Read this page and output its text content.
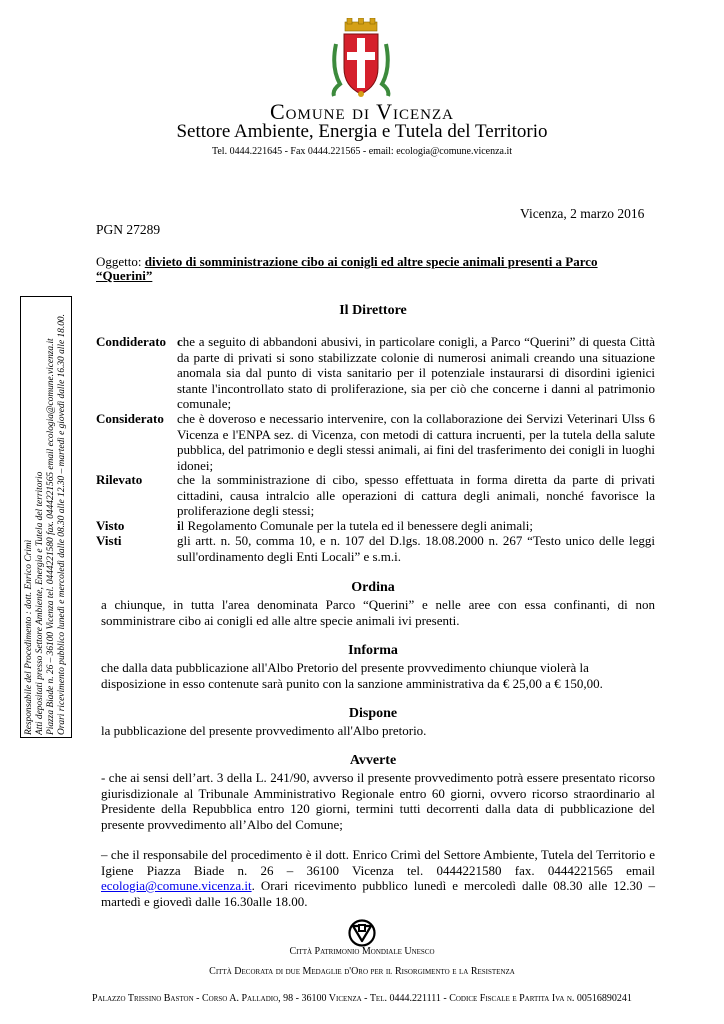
Comune di Vicenza
Settore Ambiente, Energia e Tutela del Territorio
Tel. 0444.221645 - Fax 0444.221565 - email: ecologia@comune.vicenza.it
Vicenza, 2 marzo 2016
PGN 27289
Oggetto: divieto di somministrazione cibo ai conigli ed altre specie animali presenti a Parco “Querini”
Il Direttore
Condiderato che a seguito di abbandoni abusivi, in particolare conigli, a Parco “Querini” di questa Città da parte di privati si sono stabilizzate colonie di numerosi animali creando una situazione anomala sia dal punto di vista sanitario per il potenziale instaurarsi di disordini igienici stante l'incontrollato stato di proliferazione, sia per ciò che concerne i danni al patrimonio comunale;
Considerato che è doveroso e necessario intervenire, con la collaborazione dei Servizi Veterinari Ulss 6 Vicenza e l'ENPA sez. di Vicenza, con metodi di cattura incruenti, per la tutela della salute pubblica, del patrimonio e degli stessi animali, ai fini del trasferimento dei conigli in luoghi idonei;
Rilevato	che la somministrazione di cibo, spesso effettuata in forma diretta da parte di privati cittadini, causa intralcio alle operazioni di cattura degli animali, nonché favorisce la proliferazione degli stessi;
Visto	il Regolamento Comunale per la tutela ed il benessere degli animali;
Visti	gli artt. n. 50, comma 10, e n. 107 del D.lgs. 18.08.2000 n. 267 “Testo unico delle leggi sull'ordinamento degli Enti Locali” e s.m.i.
Ordina
a chiunque, in tutta l'area denominata Parco “Querini” e nelle aree con essa confinanti, di non somministrare cibo ai conigli ed alle altre specie animali ivi presenti.
Informa
che dalla data pubblicazione all'Albo Pretorio del presente provvedimento chiunque violerà la
disposizione in esso contenute sarà punito con la sanzione amministrativa da € 25,00 a € 150,00.
Dispone
la pubblicazione del presente provvedimento all'Albo pretorio.
Avverte
- che ai sensi dell’art. 3 della L. 241/90, avverso il presente provvedimento potrà essere presentato ricorso giurisdizionale al Tribunale Amministrativo Regionale entro 60 giorni, ovvero ricorso straordinario al Presidente della Repubblica entro 120 giorni, termini tutti decorrenti dalla data di pubblicazione del presente provvedimento all’Albo del Comune;
– che il responsabile del procedimento è il dott. Enrico Crimì del Settore Ambiente, Tutela del Territorio e Igiene Piazza Biade n. 26 – 36100 Vicenza tel. 0444221580 fax. 0444221565 email ecologia@comune.vicenza.it. Orari ricevimento pubblico lunedì e mercoledì dalle 08.30 alle 12.30 – martedì e giovedì dalle 16.30alle 18.00.
Responsabile del Procedimento : dott. Enrico Crimì Atti depositati presso Settore Ambiente, Energia e Tutela del territorio Piazza Biade n. 26 – 36100 Vicenza tel. 0444221580 fax. 0444221565 email ecologia@comune.vicenza.it Orari ricevimento pubblico lunedì e mercoledì dalle 08.30 alle 12.30 – martedì e giovedì dalle 16.30 alle 18.00.
Città Patrimonio Mondiale Unesco
Città Decorata di due Medaglie d'Oro per il Risorgimento e la Resistenza
Palazzo Trissino Baston - Corso A. Palladio, 98 - 36100 Vicenza - Tel. 0444.221111 - Codice Fiscale e Partita Iva n. 00516890241
